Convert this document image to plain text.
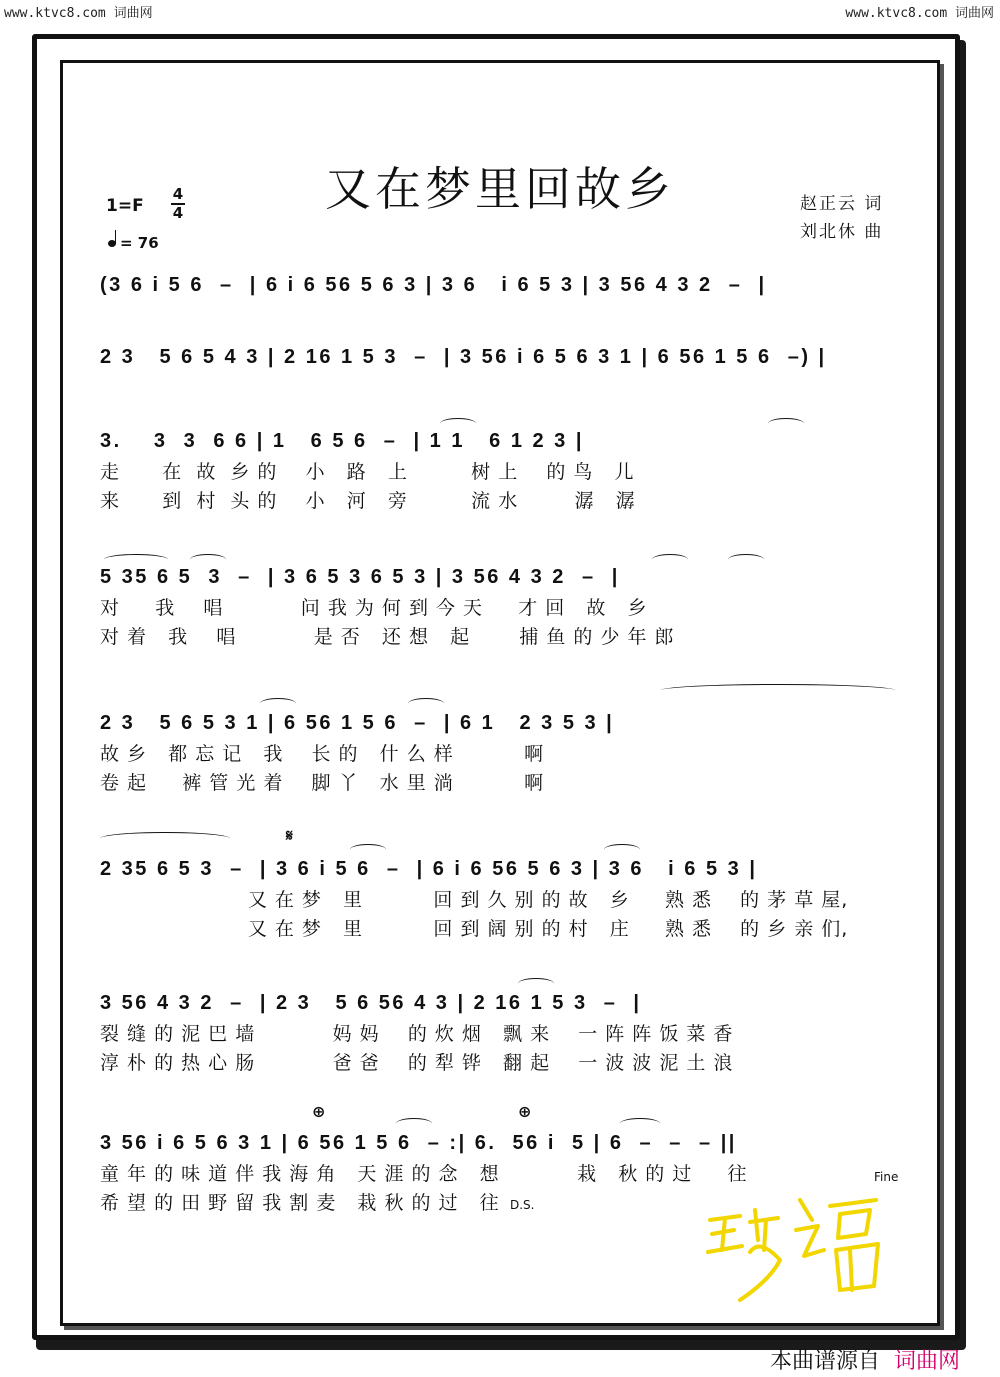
www.ktvc8.com 词曲网	www.ktvc8.com 词曲网
又在梦里回故乡
1=F
4
4
= 76
赵正云 词
刘北休 曲
(3 6 i 5 6  –  | 6 i 6 56 5 6 3 | 3 6   i 6 5 3 | 3 56 4 3 2  –  |
2 3   5 6 5 4 3 | 2 16 1 5 3  –  | 3 56 i 6 5 6 3 1 | 6 56 1 5 6  –) |
3.    3  3  6 6 | 1   6 5 6  –  | 1 1   6 1 2 3 |
走      在  故  乡 的    小   路   上         树 上    的 鸟   儿
来      到  村  头 的    小   河   旁         流 水        潺   潺
5 35 6 5  3  –  | 3 6 5 3 6 5 3 | 3 56 4 3 2  –  |
对     我    唱           问 我 为 何 到 今 天     才 回   故   乡
对 着   我    唱           是 否   还 想   起       捕 鱼 的 少 年 郎
2 3   5 6 5 3 1 | 6 56 1 5 6  –  | 6 1   2 3 5 3 |
故 乡   都 忘 记   我    长 的   什 么 样          啊
卷 起     裤 管 光 着    脚 丫   水 里 淌          啊
2 35 6 5 3  –  | 3 6 i 5 6  –  | 6 i 6 56 5 6 3 | 3 6   i 6 5 3 |
又 在 梦   里          回 到 久 别 的 故   乡     熟 悉    的 茅 草 屋,
又 在 梦   里          回 到 阔 别 的 村   庄     熟 悉    的 乡 亲 们,
𝄋
3 56 4 3 2  –  | 2 3   5 6 56 4 3 | 2 16 1 5 3  –  |
裂 缝 的 泥 巴 墙           妈 妈    的 炊 烟   飘 来    一 阵 阵 饭 菜 香
淳 朴 的 热 心 肠           爸 爸    的 犁 铧   翻 起    一 波 波 泥 土 浪
3 56 i 6 5 6 3 1 | 6 56 1 5 6  – :| 6.  56 i  5 | 6  –  –  – ||
童 年 的 味 道 伴 我 海 角   天 涯 的 念   想           栽   秋 的 过     往
希 望 的 田 野 留 我 割 麦   栽 秋 的 过   往
⊕	⊕
Fine
D.S.
本曲谱源自 词曲网
